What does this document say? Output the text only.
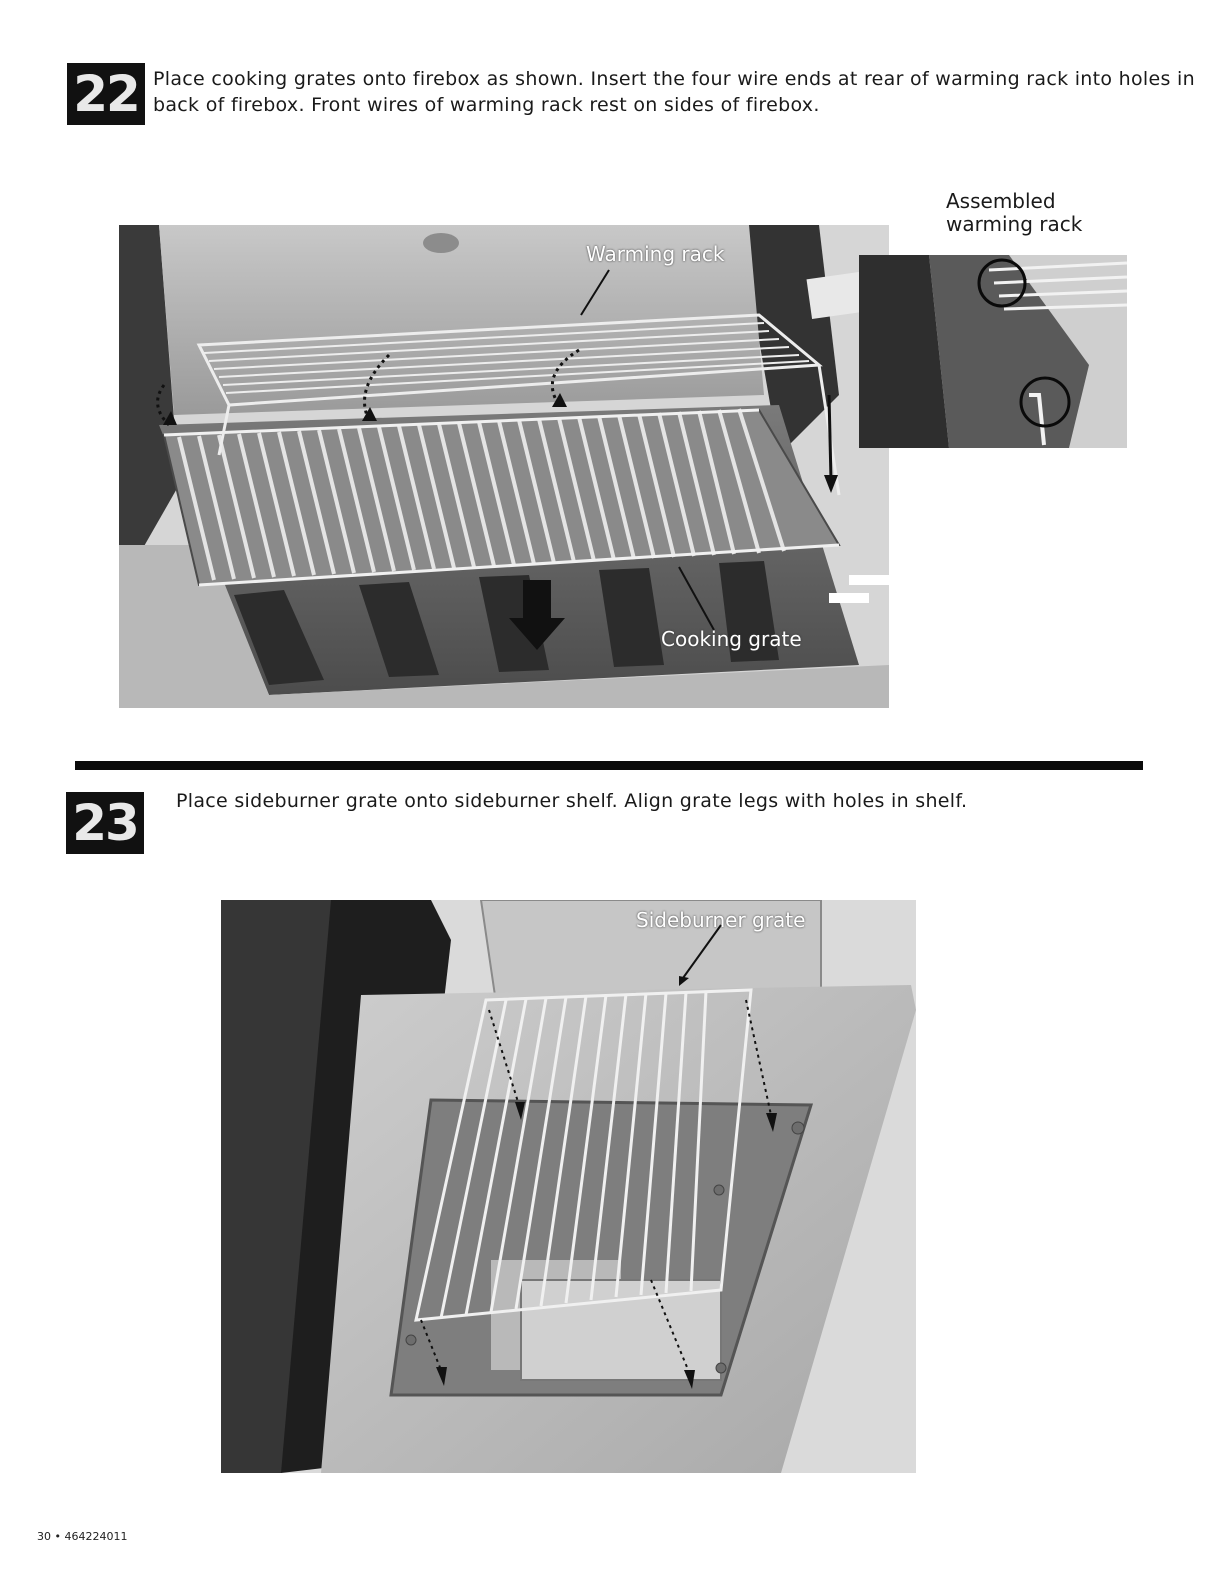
22 Place cooking grates onto firebox as shown. Insert the four wire ends at rear of warming rack into holes in
back of firebox. Front wires of warming rack rest on sides of firebox.
Warming rack
Cooking grate
Assembled
warming rack
23	Place sideburner grate onto sideburner shelf. Align grate legs with holes in shelf.
Sideburner grate
30 • 464224011
